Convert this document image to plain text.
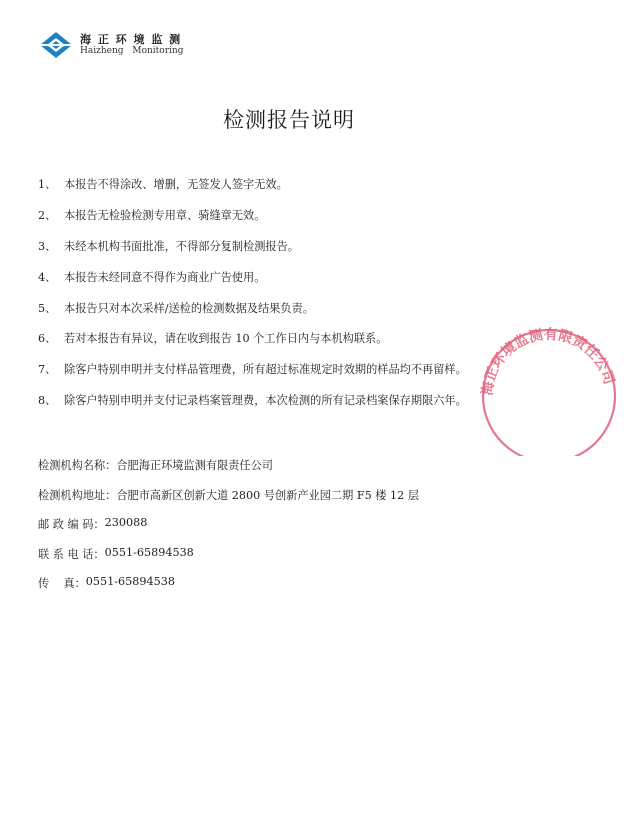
海 正 环 境 监 测
Haizheng Monitoring
检测报告说明
1、 本报告不得涂改、增删，无签发人签字无效。
2、 本报告无检验检测专用章、骑缝章无效。
3、 未经本机构书面批准，不得部分复制检测报告。
4、 本报告未经同意不得作为商业广告使用。
5、 本报告只对本次采样/送检的检测数据及结果负责。
6、 若对本报告有异议，请在收到报告 10 个工作日内与本机构联系。
7、 除客户特别申明并支付样品管理费，所有超过标准规定时效期的样品均不再留样。
8、 除客户特别申明并支付记录档案管理费，本次检测的所有记录档案保存期限六年。
检测机构名称： 合肥海正环境监测有限责任公司
检测机构地址： 合肥市高新区创新大道 2800 号创新产业园二期 F5 楼 12 层
邮 政 编 码： 230088
联 系 电 话： 0551-65894538
传    真： 0551-65894538
海正环境监测有限责任公司
